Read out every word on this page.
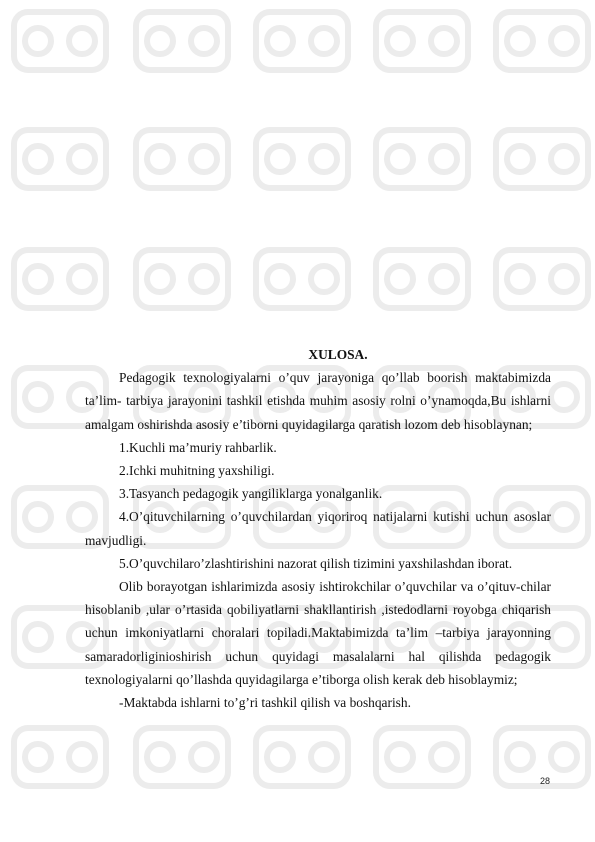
XULOSA.

Pedagogik texnologiyalarni o’quv jarayoniga qo’llab boorish maktabimizda ta’lim- tarbiya jarayonini tashkil etishda muhim asosiy rolni o’ynamoqda,Bu ishlarni amalgam oshirishda asosiy e’tiborni quyidagilarga qaratish lozom deb hisoblaynan;

1.Kuchli ma’muriy rahbarlik.

2.Ichki muhitning yaxshiligi.

3.Tasyanch pedagogik yangiliklarga yonalganlik.

4.O’qituvchilarning o’quvchilardan yiqoriroq natijalarni kutishi uchun asoslar mavjudligi.

5.O’quvchilaro’zlashtirishini nazorat qilish tizimini yaxshilashdan iborat.

Olib borayotgan ishlarimizda asosiy ishtirokchilar o’quvchilar va o’qituv-chilar hisoblanib ,ular o’rtasida qobiliyatlarni shakllantirish ,istedodlarni royobga chiqarish uchun imkoniyatlarni choralari topiladi.Maktabimizda ta’lim –tarbiya jarayonning samaradorliginioshirish uchun quyidagi masalalarni hal qilishda pedagogik texnologiyalarni qo’llashda quyidagilarga e’tiborga olish kerak deb hisoblaymiz;

-Maktabda ishlarni to’g’ri tashkil qilish va boshqarish.

28
